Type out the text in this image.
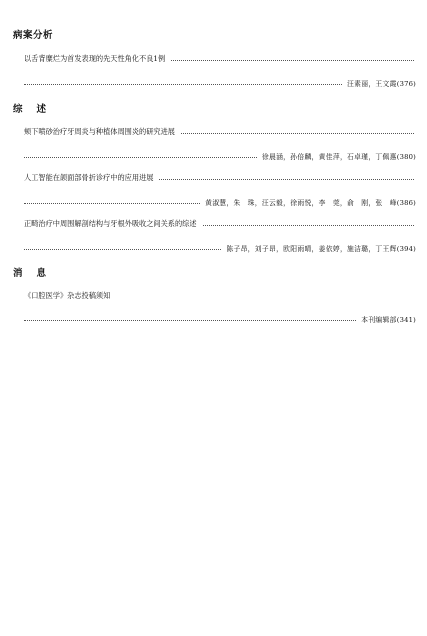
病案分析
以舌背糜烂为首发表现的先天性角化不良1例
汪素丽，王文霞 (376)
综述
颊下喷砂治疗牙周炎与种植体周围炎的研究进展
徐晨涵，孙倍麟，黄佳萍，石卓瑾，丁佩惠 (380)
人工智能在颌面部骨折诊疗中的应用进展
黄淑慧，朱　珠，汪云毅，徐雨悦，李　莞，俞　刚，张　峰 (386)
正畸治疗中周围解剖结构与牙根外吸收之间关系的综述
陈子昂，刘子昂，欧阳雨晴，姜依婷，施洁璐，丁王辉 (394)
消息
《口腔医学》杂志投稿须知
本刊编辑部 (341)
